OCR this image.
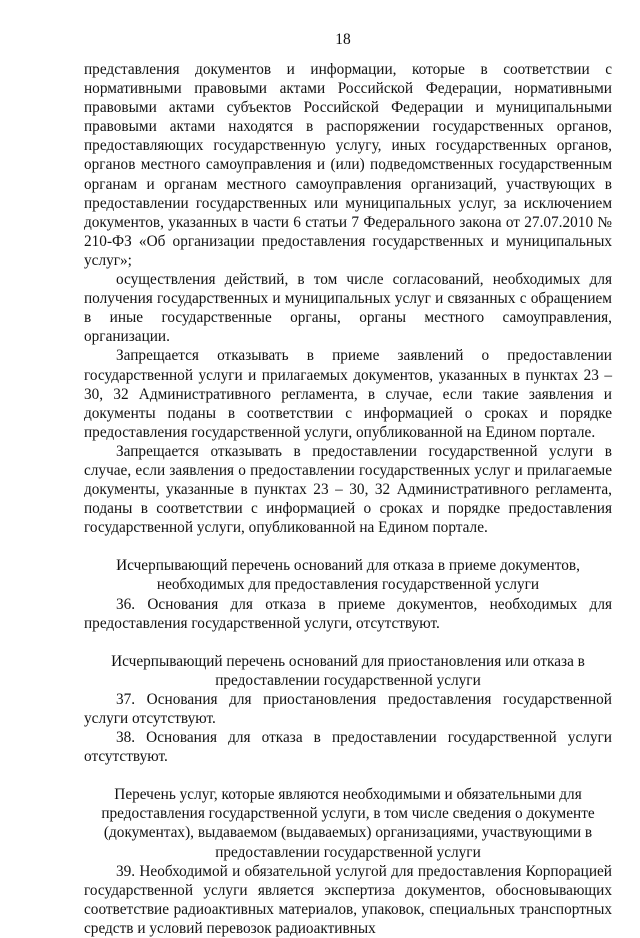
18

представления документов и информации, которые в соответствии с нормативными правовыми актами Российской Федерации, нормативными правовыми актами субъектов Российской Федерации и муниципальными правовыми актами находятся в распоряжении государственных органов, предоставляющих государственную услугу, иных государственных органов, органов местного самоуправления и (или) подведомственных государственным органам и органам местного самоуправления организаций, участвующих в предоставлении государственных или муниципальных услуг, за исключением документов, указанных в части 6 статьи 7 Федерального закона от 27.07.2010 № 210-ФЗ «Об организации предоставления государственных и муниципальных услуг»;

осуществления действий, в том числе согласований, необходимых для получения государственных и муниципальных услуг и связанных с обращением в иные государственные органы, органы местного самоуправления, организации.

Запрещается отказывать в приеме заявлений о предоставлении государственной услуги и прилагаемых документов, указанных в пунктах 23 – 30, 32 Административного регламента, в случае, если такие заявления и документы поданы в соответствии с информацией о сроках и порядке предоставления государственной услуги, опубликованной на Едином портале.

Запрещается отказывать в предоставлении государственной услуги в случае, если заявления о предоставлении государственных услуг и прилагаемые документы, указанные в пунктах 23 – 30, 32 Административного регламента, поданы в соответствии с информацией о сроках и порядке предоставления государственной услуги, опубликованной на Едином портале.

Исчерпывающий перечень оснований для отказа в приеме документов, необходимых для предоставления государственной услуги

36. Основания для отказа в приеме документов, необходимых для предоставления государственной услуги, отсутствуют.

Исчерпывающий перечень оснований для приостановления или отказа в предоставлении государственной услуги

37. Основания для приостановления предоставления государственной услуги отсутствуют.

38. Основания для отказа в предоставлении государственной услуги отсутствуют.

Перечень услуг, которые являются необходимыми и обязательными для предоставления государственной услуги, в том числе сведения о документе (документах), выдаваемом (выдаваемых) организациями, участвующими в предоставлении государственной услуги

39. Необходимой и обязательной услугой для предоставления Корпорацией государственной услуги является экспертиза документов, обосновывающих соответствие радиоактивных материалов, упаковок, специальных транспортных средств и условий перевозок радиоактивных
